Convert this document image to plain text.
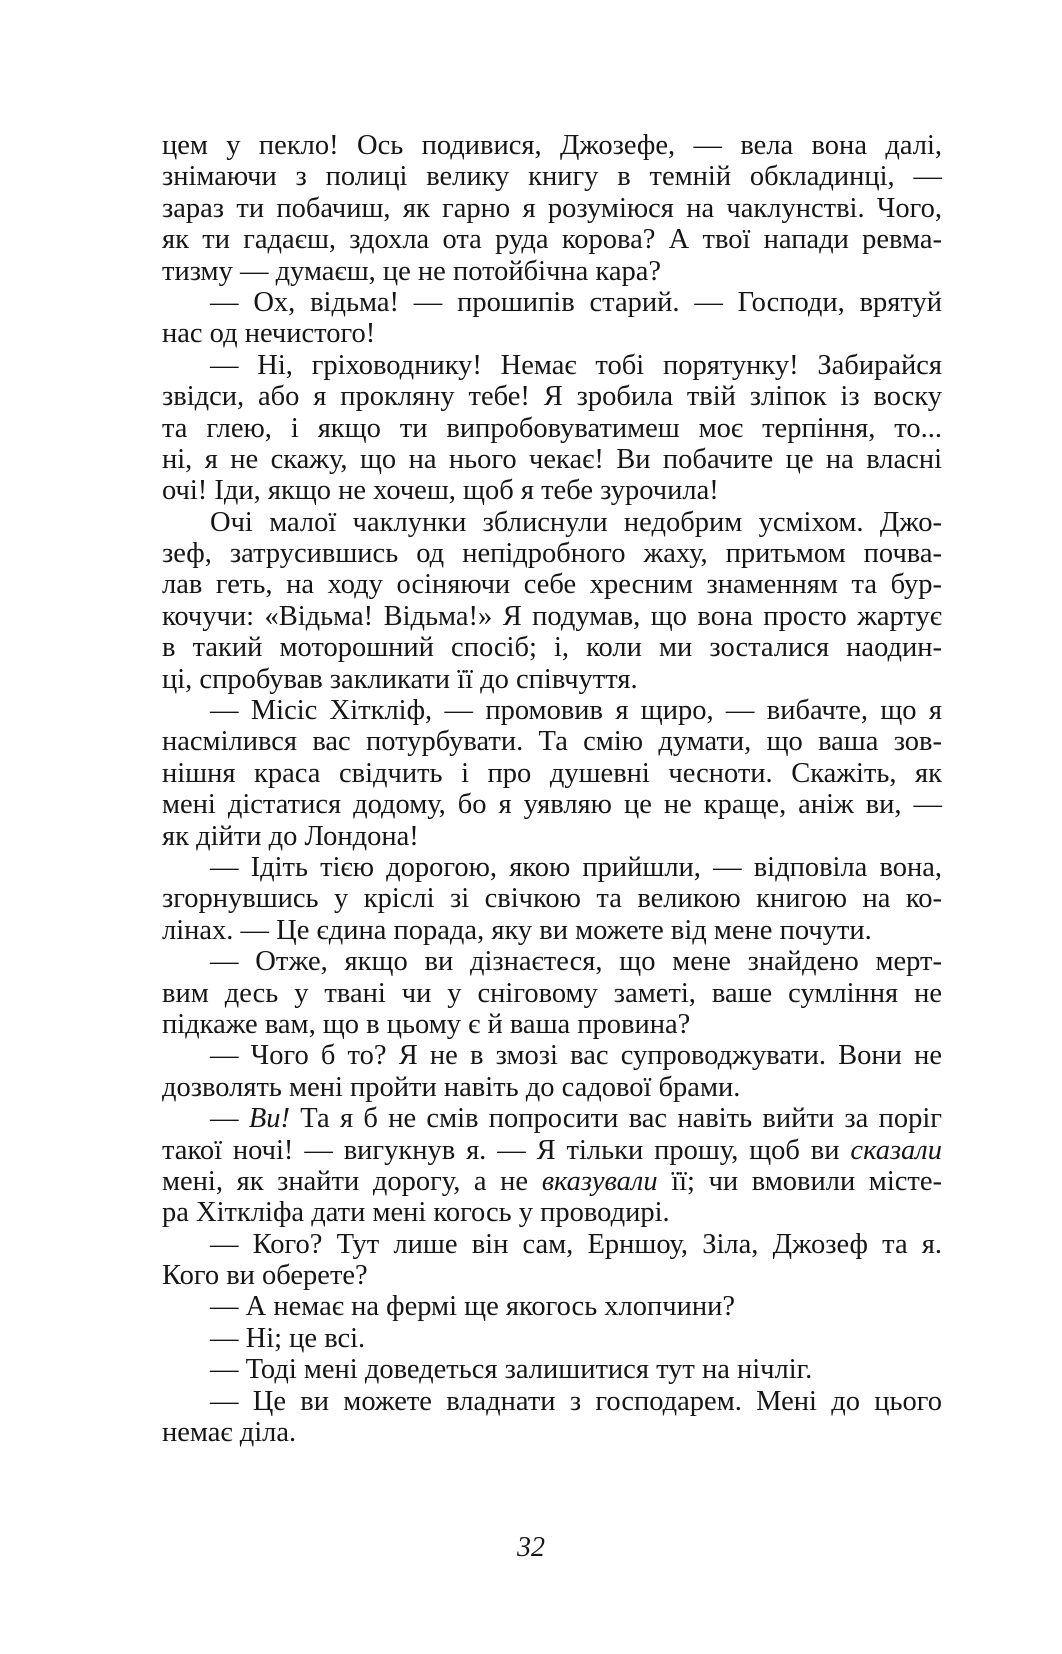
цем у пекло! Ось подивися, Джозефе, — вела вона далі,
знімаючи з полиці велику книгу в темній обкладинці, —
зараз ти побачиш, як гарно я розуміюся на чаклунстві. Чого,
як ти гадаєш, здохла ота руда корова? А твої напади ревма-
тизму — думаєш, це не потойбічна кара?
— Ох, відьма! — прошипів старий. — Господи, врятуй
нас од нечистого!
— Ні, гріховоднику! Немає тобі порятунку! Забирайся
звідси, або я прокляну тебе! Я зробила твій зліпок із воску
та глею, і якщо ти випробовуватимеш моє терпіння, то...
ні, я не скажу, що на нього чекає! Ви побачите це на власні
очі! Іди, якщо не хочеш, щоб я тебе зурочила!
Очі малої чаклунки зблиснули недобрим усміхом. Джо-
зеф, затрусившись од непідробного жаху, притьмом почва-
лав геть, на ходу осіняючи себе хресним знаменням та бур-
кочучи: «Відьма! Відьма!» Я подумав, що вона просто жартує
в такий моторошний спосіб; і, коли ми зосталися наодин-
ці, спробував закликати її до співчуття.
— Місіс Хіткліф, — промовив я щиро, — вибачте, що я
насмілився вас потурбувати. Та смію думати, що ваша зов-
нішня краса свідчить і про душевні чесноти. Скажіть, як
мені дістатися додому, бо я уявляю це не краще, аніж ви, —
як дійти до Лондона!
— Ідіть тією дорогою, якою прийшли, — відповіла вона,
згорнувшись у кріслі зі свічкою та великою книгою на ко-
лінах. — Це єдина порада, яку ви можете від мене почути.
— Отже, якщо ви дізнаєтеся, що мене знайдено мерт-
вим десь у твані чи у сніговому заметі, ваше сумління не
підкаже вам, що в цьому є й ваша провина?
— Чого б то? Я не в змозі вас супроводжувати. Вони не
дозволять мені пройти навіть до садової брами.
— Ви! Та я б не смів попросити вас навіть вийти за поріг
такої ночі! — вигукнув я. — Я тільки прошу, щоб ви сказали
мені, як знайти дорогу, а не вказували її; чи вмовили місте-
ра Хіткліфа дати мені когось у проводирі.
— Кого? Тут лише він сам, Ерншоу, Зіла, Джозеф та я.
Кого ви оберете?
— А немає на фермі ще якогось хлопчини?
— Ні; це всі.
— Тоді мені доведеться залишитися тут на нічліг.
— Це ви можете владнати з господарем. Мені до цього
немає діла.
32
